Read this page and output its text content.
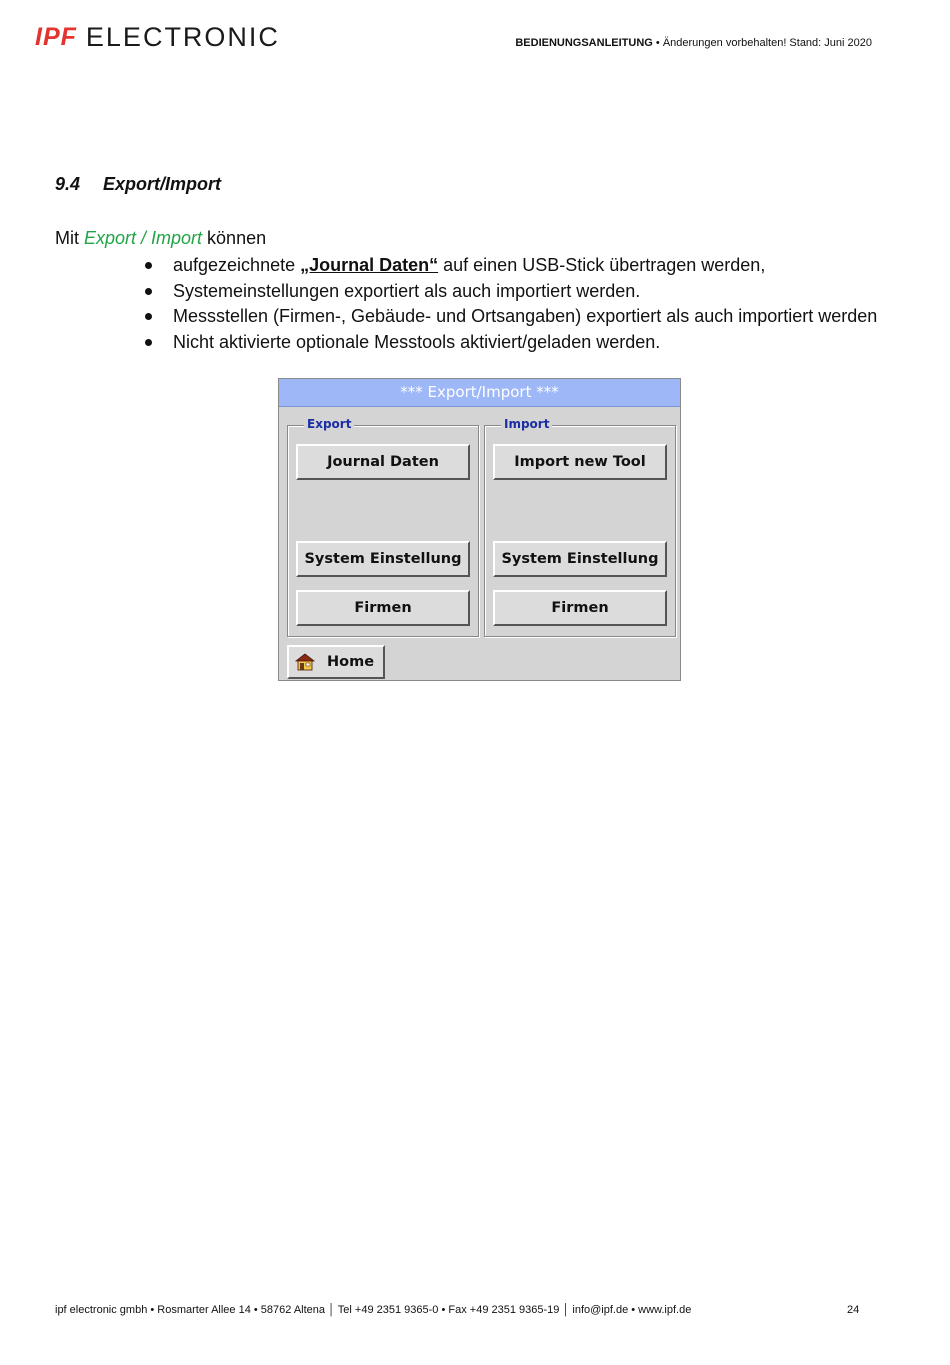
IPF ELECTRONIC	BEDIENUNGSANLEITUNG • Änderungen vorbehalten! Stand: Juni 2020
9.4 Export/Import
Mit Export / Import können
aufgezeichnete „Journal Daten“ auf einen USB-Stick übertragen werden,
Systemeinstellungen exportiert als auch importiert werden.
Messstellen (Firmen-, Gebäude- und Ortsangaben) exportiert als auch importiert werden
Nicht aktivierte optionale Messtools aktiviert/geladen werden.
*** Export/Import ***
Export
Journal Daten
System Einstellung
Firmen
Import
Import new Tool
System Einstellung
Firmen
Home
ipf electronic gmbh • Rosmarter Allee 14 • 58762 Altena │ Tel +49 2351 9365-0 • Fax +49 2351 9365-19 │ info@ipf.de • www.ipf.de	24
